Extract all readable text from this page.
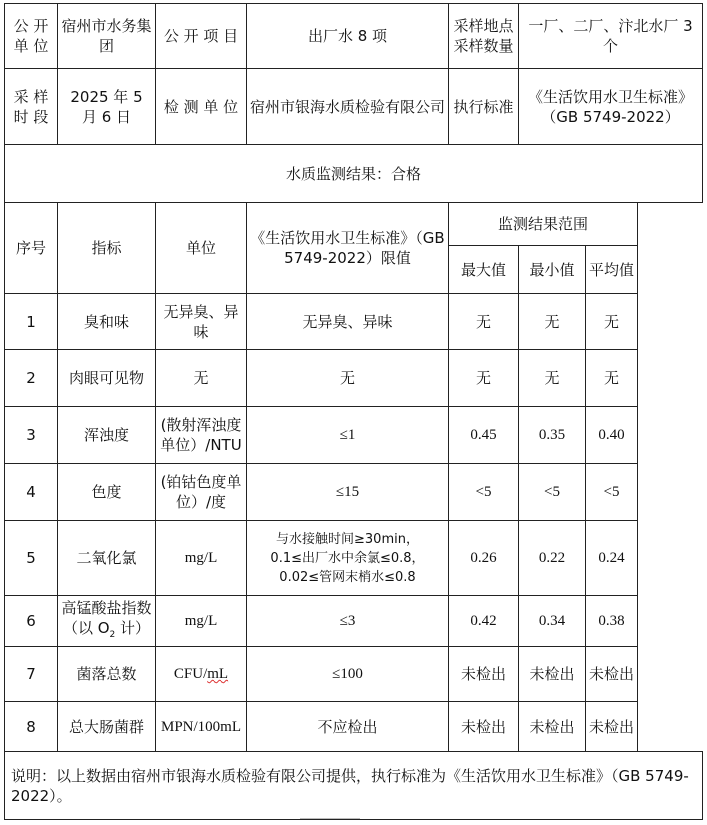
公 开 单 位	宿州市水务集团	公 开 项 目	出厂水 8 项	采样地点采样数量	一厂、二厂、汴北水厂 3 个	
采 样 时 段	2025 年 5 月 6 日	检 测 单 位	宿州市银海水质检验有限公司	执行标准	《生活饮用水卫生标准》（GB 5749-2022）	
水质监测结果：合格						
序号	指标	单位	《生活饮用水卫生标准》（GB 5749-2022）限值	监测结果范围		
				最大值	最小值	平均值
1	臭和味	无异臭、异味	无异臭、异味	无	无	无
2	肉眼可见物	无	无	无	无	无
3	浑浊度	(散射浑浊度单位）/NTU	≤1	0.45	0.35	0.40
4	色度	(铂钴色度单位）/度	≤15	<5	<5	<5
5	二氧化氯	mg/L	与水接触时间≥30min，
0.1≤出厂水中余氯≤0.8，
0.02≤管网末梢水≤0.8	0.26	0.22	0.24
6	高锰酸盐指数
（以 $O_2$ 计）	mg/L	≤3	0.42	0.34	0.38
7	菌落总数	CFU/mL	≤100	未检出	未检出	未检出
8	总大肠菌群	MPN/100mL	不应检出	未检出	未检出	未检出
说明：以上数据由宿州市银海水质检验有限公司提供，执行标准为《生活饮用水卫生标准》（GB 5749-2022）。						
